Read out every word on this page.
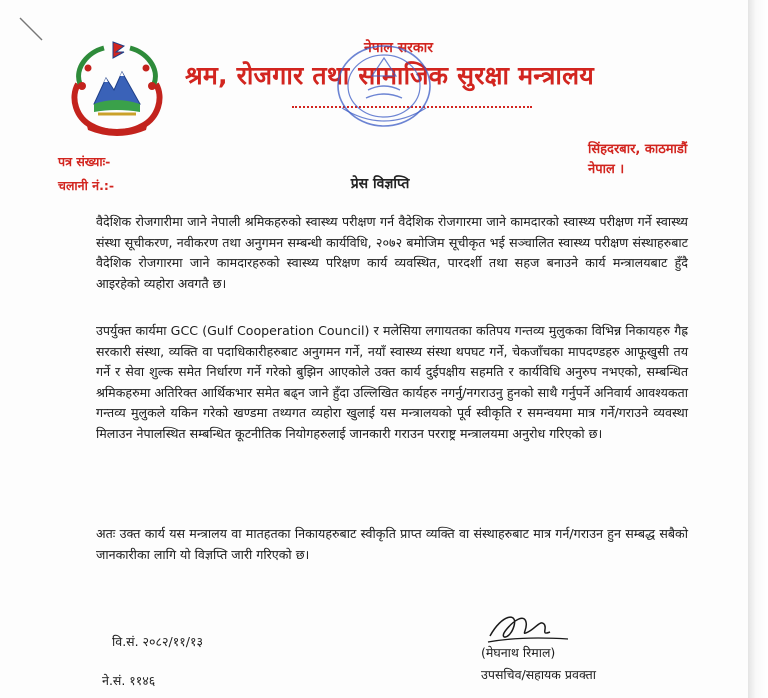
नेपाल सरकार
श्रम, रोजगार तथा सामाजिक सुरक्षा मन्त्रालय
सिंहदरबार, काठमाडौं
नेपाल ।
पत्र संख्याः-
चलानी नं.:-	प्रेस विज्ञप्ति

वैदेशिक रोजगारीमा जाने नेपाली श्रमिकहरुको स्वास्थ्य परीक्षण गर्न वैदेशिक रोजगारमा जाने कामदारको स्वास्थ्य परीक्षण गर्ने स्वास्थ्य संस्था सूचीकरण, नवीकरण तथा अनुगमन सम्बन्धी कार्यविधि, २०७२ बमोजिम सूचीकृत भई सञ्चालित स्वास्थ्य परीक्षण संस्थाहरुबाट वैदेशिक रोजगारमा जाने कामदारहरुको स्वास्थ्य परिक्षण कार्य व्यवस्थित, पारदर्शी तथा सहज बनाउने कार्य मन्त्रालयबाट हुँदै आइरहेको व्यहोरा अवगतै छ।

उपर्युक्त कार्यमा GCC (Gulf Cooperation Council) र मलेसिया लगायतका कतिपय गन्तव्य मुलुकका विभिन्न निकायहरु गैह्र सरकारी संस्था, व्यक्ति वा पदाधिकारीहरुबाट अनुगमन गर्ने, नयाँ स्वास्थ्य संस्था थपघट गर्ने, चेकजाँचका मापदण्डहरु आफूखुसी तय गर्ने र सेवा शुल्क समेत निर्धारण गर्ने गरेको बुझिन आएकोले उक्त कार्य दुईपक्षीय सहमति र कार्यविधि अनुरुप नभएको, सम्बन्धित श्रमिकहरुमा अतिरिक्त आर्थिकभार समेत बढ्न जाने हुँदा उल्लिखित कार्यहरु नगर्नु/नगराउनु हुनको साथै गर्नुपर्ने अनिवार्य आवश्यकता गन्तव्य मुलुकले यकिन गरेको खण्डमा तथ्यगत व्यहोरा खुलाई यस मन्त्रालयको पूर्व स्वीकृति र समन्वयमा मात्र गर्ने/गराउने व्यवस्था मिलाउन नेपालस्थित सम्बन्धित कूटनीतिक नियोगहरुलाई जानकारी गराउन परराष्ट्र मन्त्रालयमा अनुरोध गरिएको छ।

अतः उक्त कार्य यस मन्त्रालय वा मातहतका निकायहरुबाट स्वीकृति प्राप्त व्यक्ति वा संस्थाहरुबाट मात्र गर्न/गराउन हुन सम्बद्ध सबैको जानकारीका लागि यो विज्ञप्ति जारी गरिएको छ।

(मेघनाथ रिमाल)
उपसचिव/सहायक प्रवक्ता
वि.सं. २०८२/११/१३
ने.सं. ११४६
